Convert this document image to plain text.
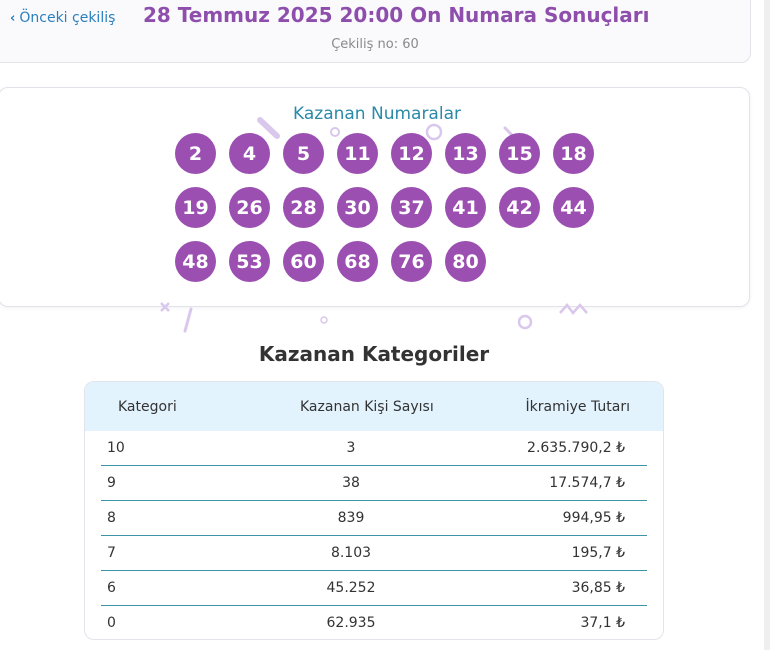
‹ Önceki çekiliş 28 Temmuz 2025 20:00 On Numara Sonuçları
Çekiliş no: 60
Kazanan Numaralar
2	4	5	11	12	13	15	18
19	26	28	30	37	41	42	44
48	53	60	68	76	80
Kazanan Kategoriler
Kategori	Kazanan Kişi Sayısı	İkramiye Tutarı
10	3	2.635.790,2 ₺
9	38	17.574,7 ₺
8	839	994,95 ₺
7	8.103	195,7 ₺
6	45.252	36,85 ₺
0	62.935	37,1 ₺
